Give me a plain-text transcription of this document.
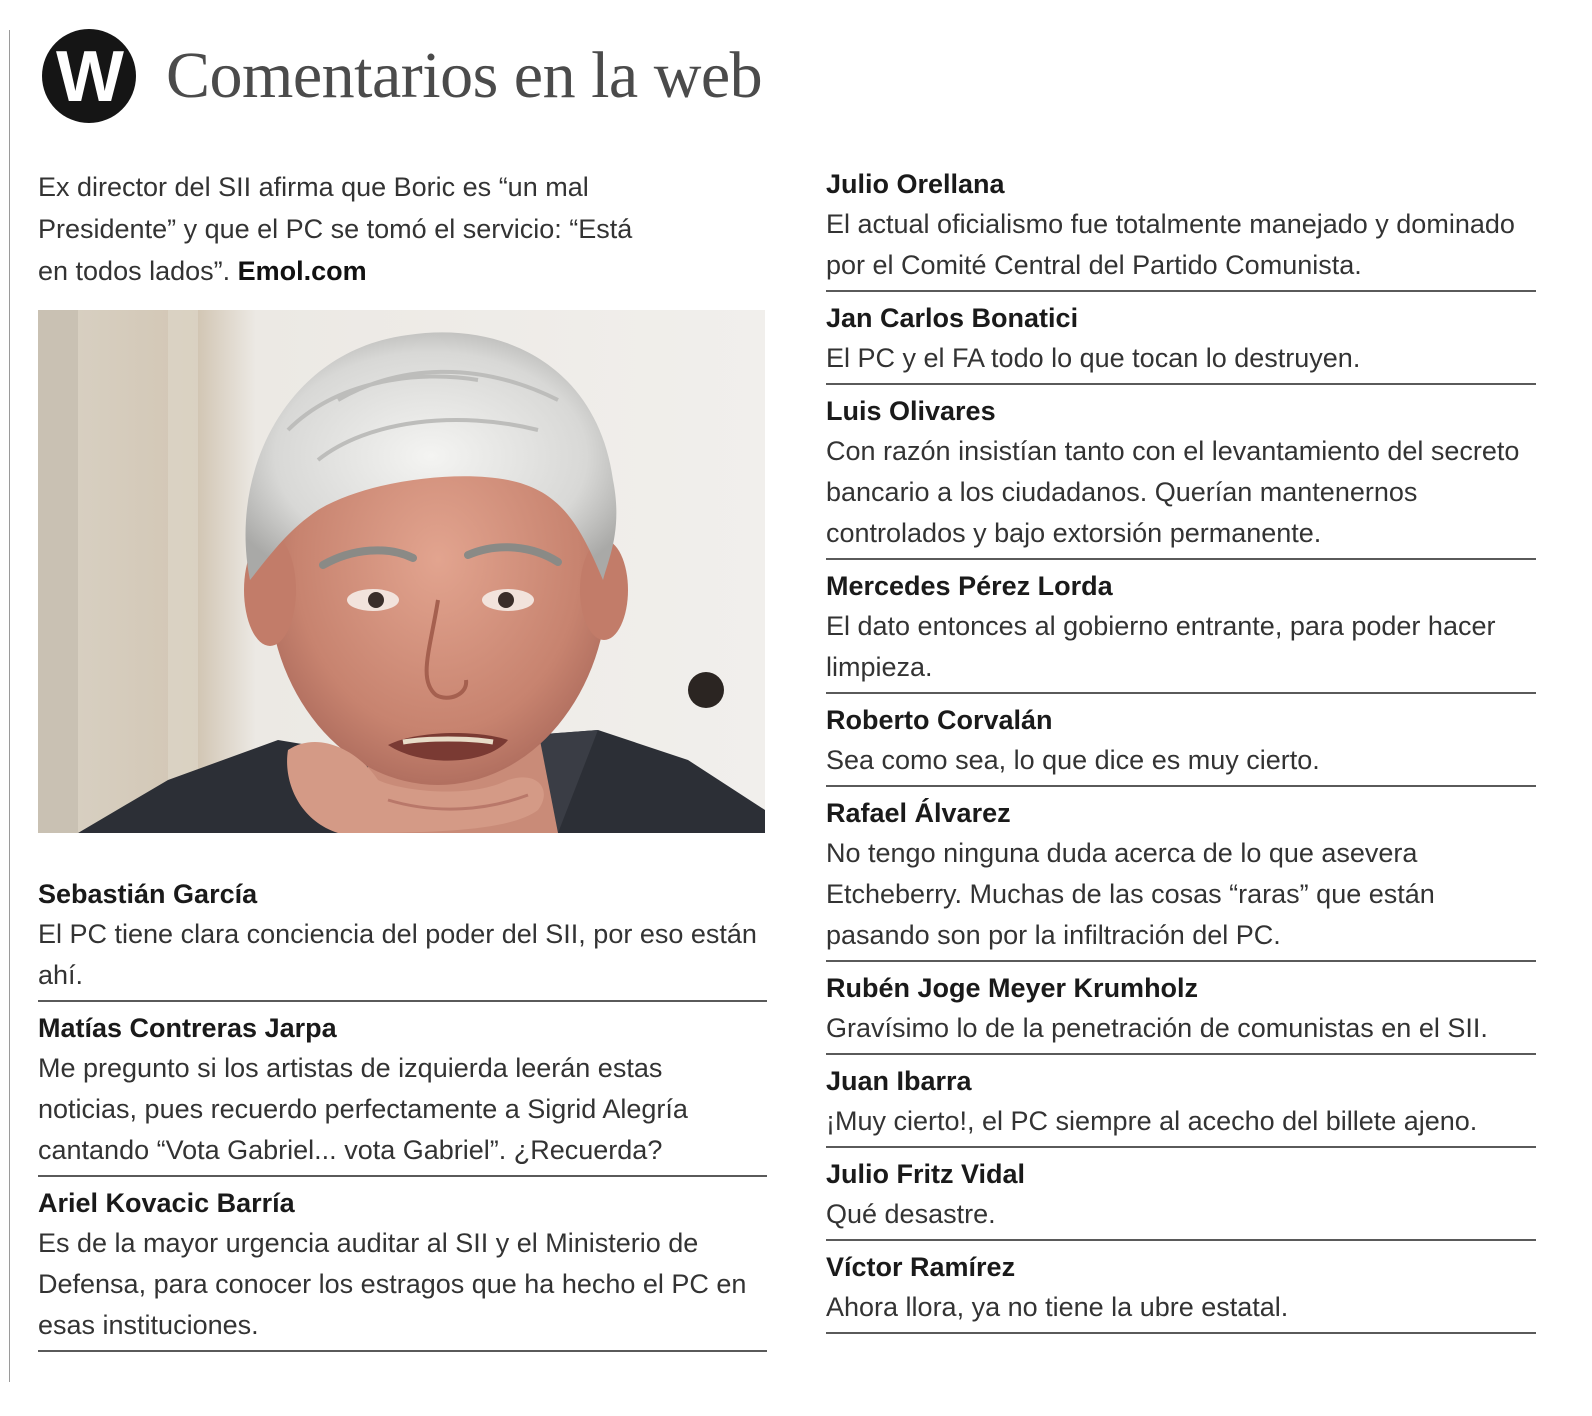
W Comentarios en la web
Ex director del SII afirma que Boric es “un mal Presidente” y que el PC se tomó el servicio: “Está en todos lados”. Emol.com
Sebastián García
El PC tiene clara conciencia del poder del SII, por eso están ahí.
Matías Contreras Jarpa
Me pregunto si los artistas de izquierda leerán estas noticias, pues recuerdo perfectamente a Sigrid Alegría cantando “Vota Gabriel... vota Gabriel”. ¿Recuerda?
Ariel Kovacic Barría
Es de la mayor urgencia auditar al SII y el Ministerio de Defensa, para conocer los estragos que ha hecho el PC en esas instituciones.
Julio Orellana
El actual oficialismo fue totalmente manejado y dominado por el Comité Central del Partido Comunista.
Jan Carlos Bonatici
El PC y el FA todo lo que tocan lo destruyen.
Luis Olivares
Con razón insistían tanto con el levantamiento del secreto bancario a los ciudadanos. Querían mantenernos controlados y bajo extorsión permanente.
Mercedes Pérez Lorda
El dato entonces al gobierno entrante, para poder hacer limpieza.
Roberto Corvalán
Sea como sea, lo que dice es muy cierto.
Rafael Álvarez
No tengo ninguna duda acerca de lo que asevera Etcheberry. Muchas de las cosas “raras” que están pasando son por la infiltración del PC.
Rubén Joge Meyer Krumholz
Gravísimo lo de la penetración de comunistas en el SII.
Juan Ibarra
¡Muy cierto!, el PC siempre al acecho del billete ajeno.
Julio Fritz Vidal
Qué desastre.
Víctor Ramírez
Ahora llora, ya no tiene la ubre estatal.
